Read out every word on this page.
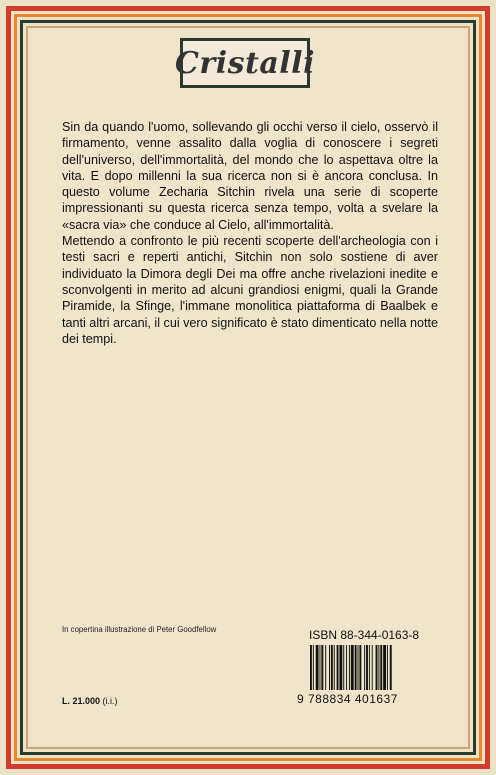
Cristalli

Sin da quando l'uomo, sollevando gli occhi verso il cielo, osservò il firmamento, venne assalito dalla voglia di conoscere i segreti dell'universo, dell'immortalità, del mondo che lo aspettava oltre la vita. E dopo millenni la sua ricerca non si è ancora conclusa. In questo volume Zecharia Sitchin rivela una serie di scoperte impressionanti su questa ricerca senza tempo, volta a svelare la «sacra via» che conduce al Cielo, all'immortalità.

Mettendo a confronto le più recenti scoperte dell'archeologia con i testi sacri e reperti antichi, Sitchin non solo sostiene di aver individuato la Dimora degli Dei ma offre anche rivelazioni inedite e sconvolgenti in merito ad alcuni grandiosi enigmi, quali la Grande Piramide, la Sfinge, l'immane monolitica piattaforma di Baalbek e tanti altri arcani, il cui vero significato è stato dimenticato nella notte dei tempi.

In copertina illustrazione di Peter Goodfellow	ISBN 88-344-0163-8
9 788834 401637
L. 21.000 (i.i.)
